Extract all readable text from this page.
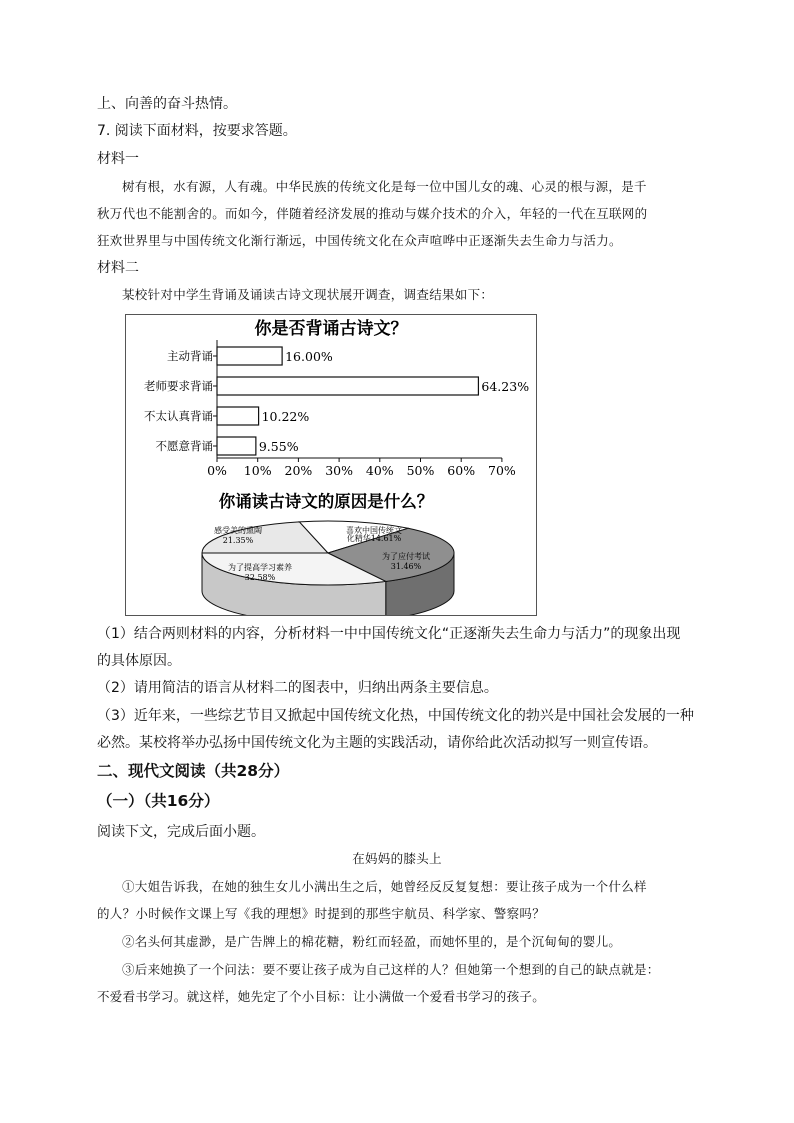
上、向善的奋斗热情。
7. 阅读下面材料，按要求答题。
材料一
树有根，水有源，人有魂。中华民族的传统文化是每一位中国儿女的魂、心灵的根与源，是千
秋万代也不能割舍的。而如今，伴随着经济发展的推动与媒介技术的介入，年轻的一代在互联网的
狂欢世界里与中国传统文化渐行渐远，中国传统文化在众声喧哗中正逐渐失去生命力与活力。
材料二
某校针对中学生背诵及诵读古诗文现状展开调查，调查结果如下：
你是否背诵古诗文？
主动背诵	16.00%
老师要求背诵	64.23%
不太认真背诵	10.22%
不愿意背诵	9.55%
0% 10% 20% 30% 40% 50% 60% 70%
你诵读古诗文的原因是什么？
感受美的熏陶
21.35%
喜欢中国传统文
化精华14.61%
为了应付考试
31.46%
为了提高学习素养
32.58%
（1）结合两则材料的内容，分析材料一中中国传统文化“正逐渐失去生命力与活力”的现象出现
的具体原因。
（2）请用简洁的语言从材料二的图表中，归纳出两条主要信息。
（3）近年来，一些综艺节目又掀起中国传统文化热，中国传统文化的勃兴是中国社会发展的一种
必然。某校将举办弘扬中国传统文化为主题的实践活动，请你给此次活动拟写一则宣传语。
二、现代文阅读（共28分）
（一）（共16分）
阅读下文，完成后面小题。
在妈妈的膝头上
①大姐告诉我，在她的独生女儿小满出生之后，她曾经反反复复想：要让孩子成为一个什么样
的人？小时候作文课上写《我的理想》时提到的那些宇航员、科学家、警察吗？
②名头何其虚渺，是广告牌上的棉花糖，粉红而轻盈，而她怀里的，是个沉甸甸的婴儿。
③后来她换了一个问法：要不要让孩子成为自己这样的人？但她第一个想到的自己的缺点就是：
不爱看书学习。就这样，她先定了个小目标：让小满做一个爱看书学习的孩子。
